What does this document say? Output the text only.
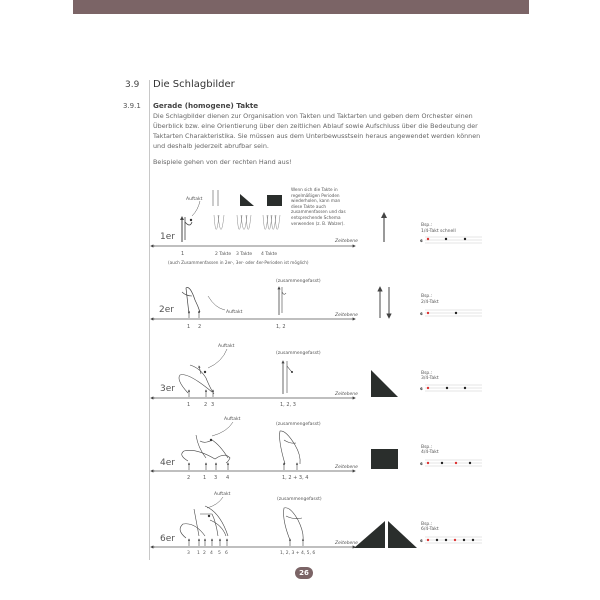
3.9 Die Schlagbilder
3.9.1 Gerade (homogene) Takte
Die Schlagbilder dienen zur Organisation von Takten und Taktarten und geben dem Orchester einen Überblick bzw. eine Orientierung über den zeitlichen Ablauf sowie Aufschluss über die Bedeutung der Taktarten Charakteristika. Sie müssen aus dem Unterbewusstsein heraus angewendet werden können und deshalb jederzeit abrufbar sein.
Beispiele gehen von der rechten Hand aus!
1er	Zeitebene
Auftakt
1	2 Takte 3 Takte 4 Takte
(auch Zusammenfassen in 2er-, 3er- oder 4er-Perioden ist möglich)
Wenn sich die Takte in regelmäßigen Perioden wiederholen, kann man diese Takte auch zusammenfassen und das entsprechende Schema verwenden (z. B. Walzer).	Bsp.:
1/4-Takt schnell
𝄴
2er
Zeitebene
Auftakt
1 2
(zusammengefasst)
1, 2
Bsp.:
2/4-Takt
𝄴
3er
Zeitebene
Auftakt
1	2 3
(zusammengefasst)
1, 2, 3
Bsp.:
3/4-Takt
𝄴
4er	Zeitebene
Auftakt
2	1 3 4
(zusammengefasst)
1, 2 + 3, 4
Bsp.:
4/4-Takt
𝄴
6er	Zeitebene
Auftakt
3 1 2 4 5 6
(zusammengefasst)
1, 2, 3 + 4, 5, 6
Bsp.:
6/4-Takt
𝄴
26
